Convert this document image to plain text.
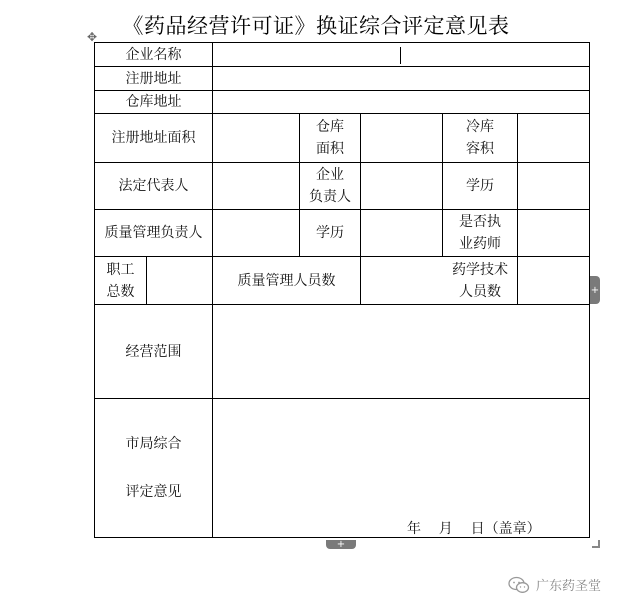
《药品经营许可证》换证综合评定意见表
✥
企业名称
注册地址
仓库地址
注册地址面积
仓库
面积
冷库
容积
法定代表人
企业
负责人
学历
质量管理负责人	学历
是否执
业药师
职工
总数
质量管理人员数
药学技术
人员数
经营范围
市局综合
评定意见
年    月    日（盖章）
+
+
广东药圣堂
